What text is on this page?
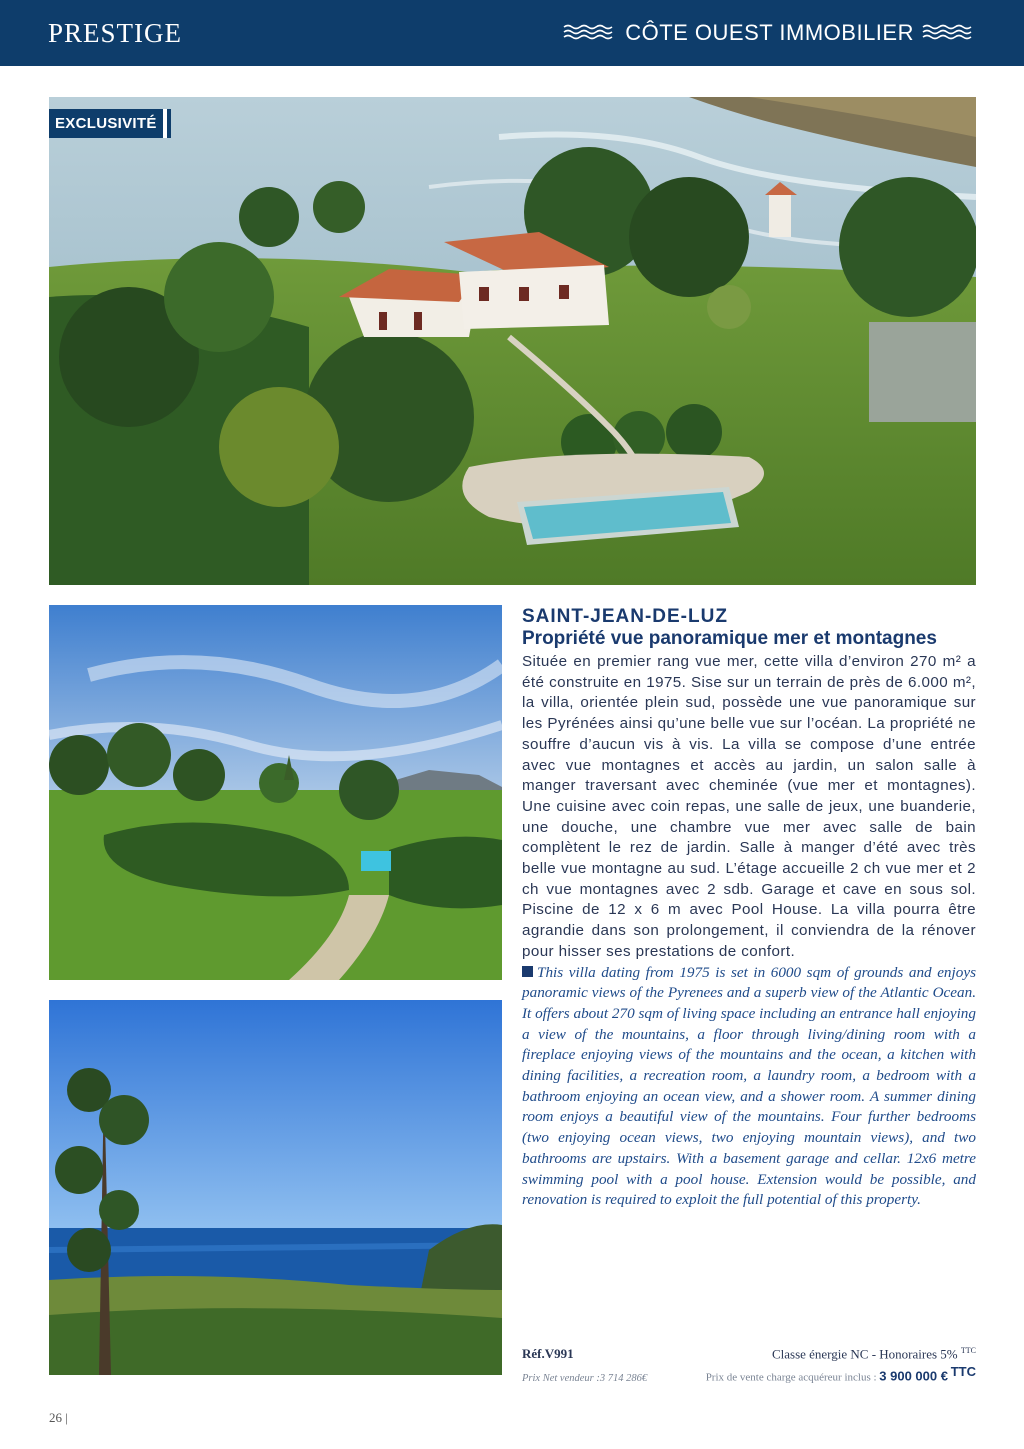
PRESTIGE	CÔTE OUEST IMMOBILIER
EXCLUSIVITÉ
SAINT-JEAN-DE-LUZ
Propriété vue panoramique mer et montagnes
Située en premier rang vue mer, cette villa d’environ 270 m² a été construite en 1975. Sise sur un terrain de près de 6.000 m², la villa, orientée plein sud, possède une vue panoramique sur les Pyrénées ainsi qu’une belle vue sur l’océan. La propriété ne souffre d’aucun vis à vis. La villa se compose d’une entrée avec vue montagnes et accès au jardin, un salon salle à manger traversant avec cheminée (vue mer et montagnes). Une cuisine avec coin repas, une salle de jeux, une buanderie, une douche, une chambre vue mer avec salle de bain complètent le rez de jardin. Salle à manger d’été avec très belle vue montagne au sud. L’étage accueille 2 ch vue mer et 2 ch vue montagnes avec 2 sdb. Garage et cave en sous sol. Piscine de 12 x 6 m avec Pool House. La villa pourra être agrandie dans son prolongement, il conviendra de la rénover pour hisser ses prestations de confort.
This villa dating from 1975 is set in 6000 sqm of grounds and enjoys panoramic views of the Pyrenees and a superb view of the Atlantic Ocean. It offers about 270 sqm of living space including an entrance hall enjoying a view of the mountains, a floor through living/dining room with a fireplace enjoying views of the mountains and the ocean, a kitchen with dining facilities, a recreation room, a laundry room, a bedroom with a bathroom enjoying an ocean view, and a shower room. A summer dining room enjoys a beautiful view of the mountains. Four further bedrooms (two enjoying ocean views, two enjoying mountain views), and two bathrooms are upstairs. With a basement garage and cellar. 12x6 metre swimming pool with a pool house. Extension would be possible, and renovation is required to exploit the full potential of this property.
Réf.V991	Classe énergie NC - Honoraires 5% $^{TTC}$
Prix Net vendeur :3 714 286€	Prix de vente charge acquéreur inclus : 3 900 000 € $^{TTC}$
26 |
